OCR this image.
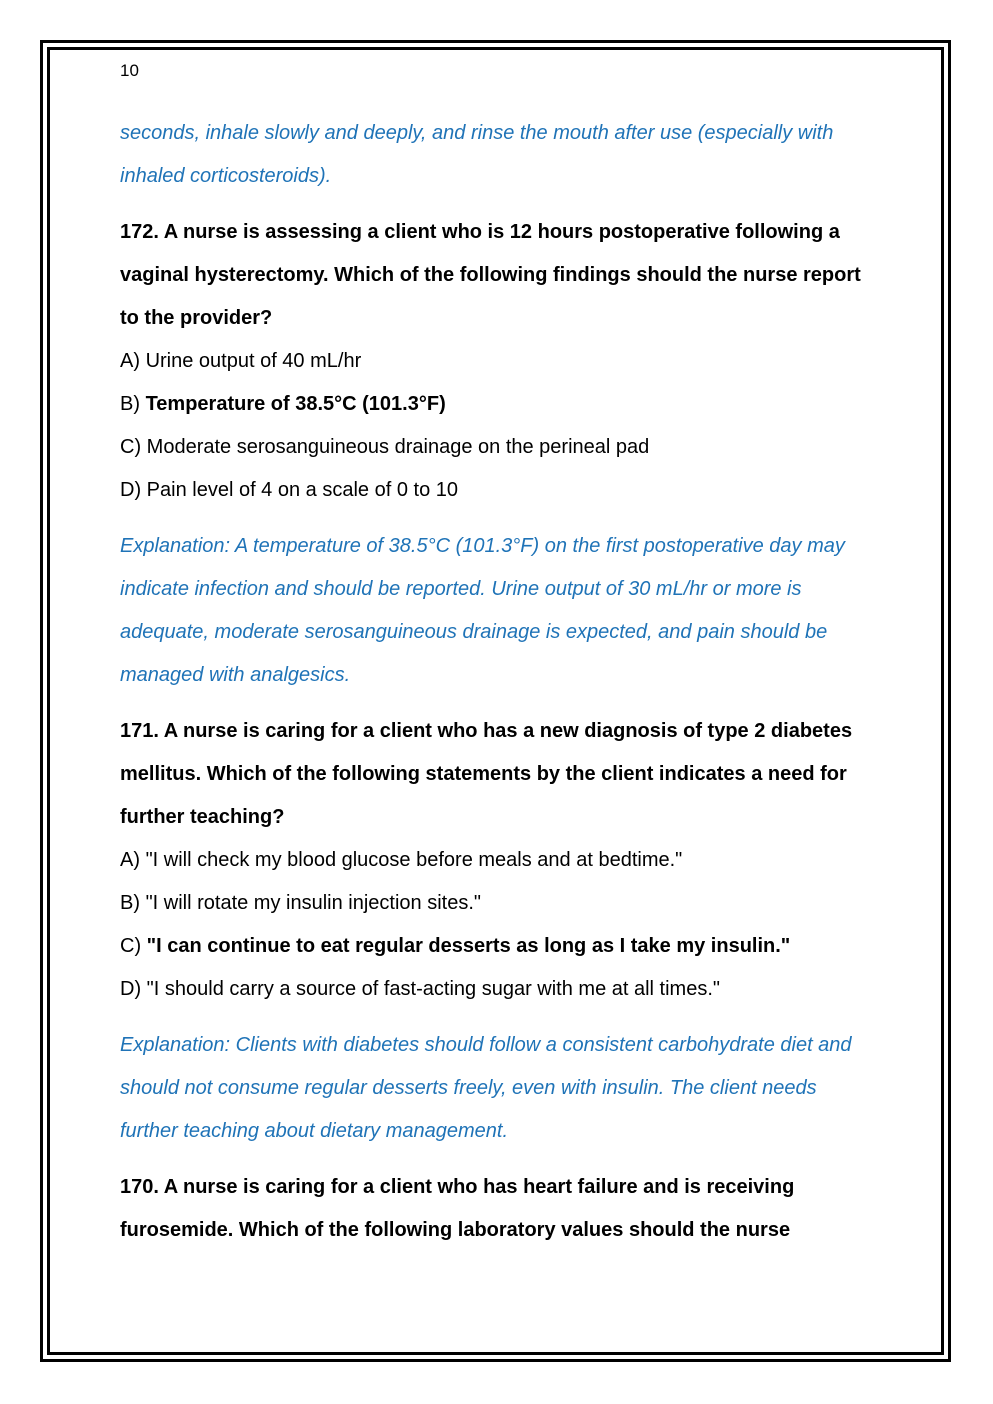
10

seconds, inhale slowly and deeply, and rinse the mouth after use (especially with inhaled corticosteroids).

172. A nurse is assessing a client who is 12 hours postoperative following a vaginal hysterectomy. Which of the following findings should the nurse report to the provider?

A) Urine output of 40 mL/hr

B) Temperature of 38.5°C (101.3°F)

C) Moderate serosanguineous drainage on the perineal pad

D) Pain level of 4 on a scale of 0 to 10

Explanation: A temperature of 38.5°C (101.3°F) on the first postoperative day may indicate infection and should be reported. Urine output of 30 mL/hr or more is adequate, moderate serosanguineous drainage is expected, and pain should be managed with analgesics.

171. A nurse is caring for a client who has a new diagnosis of type 2 diabetes mellitus. Which of the following statements by the client indicates a need for further teaching?

A) "I will check my blood glucose before meals and at bedtime."

B) "I will rotate my insulin injection sites."

C) "I can continue to eat regular desserts as long as I take my insulin."

D) "I should carry a source of fast-acting sugar with me at all times."

Explanation: Clients with diabetes should follow a consistent carbohydrate diet and should not consume regular desserts freely, even with insulin. The client needs further teaching about dietary management.

170. A nurse is caring for a client who has heart failure and is receiving furosemide. Which of the following laboratory values should the nurse
